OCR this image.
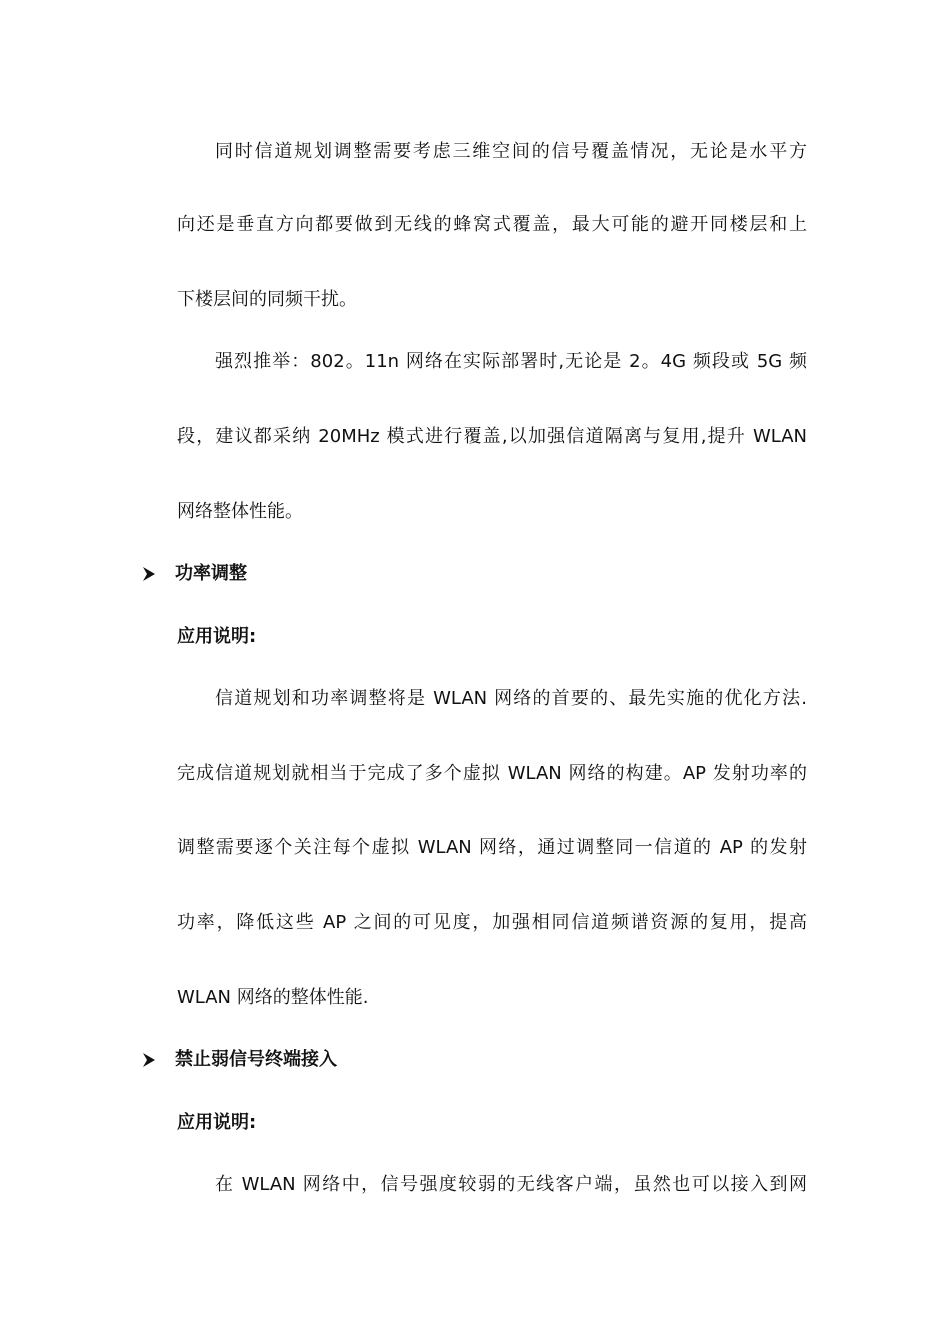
同时信道规划调整需要考虑三维空间的信号覆盖情况，无论是水平方
向还是垂直方向都要做到无线的蜂窝式覆盖，最大可能的避开同楼层和上
下楼层间的同频干扰。
强烈推举：802。11n 网络在实际部署时,无论是 2。4G 频段或 5G 频
段，建议都采纳 20MHz 模式进行覆盖,以加强信道隔离与复用,提升 WLAN
网络整体性能。
功率调整
应用说明:
信道规划和功率调整将是 WLAN 网络的首要的、最先实施的优化方法.
完成信道规划就相当于完成了多个虚拟 WLAN 网络的构建。AP 发射功率的
调整需要逐个关注每个虚拟 WLAN 网络，通过调整同一信道的 AP 的发射
功率，降低这些 AP 之间的可见度，加强相同信道频谱资源的复用，提高
WLAN 网络的整体性能.
禁止弱信号终端接入
应用说明:
在 WLAN 网络中，信号强度较弱的无线客户端，虽然也可以接入到网
